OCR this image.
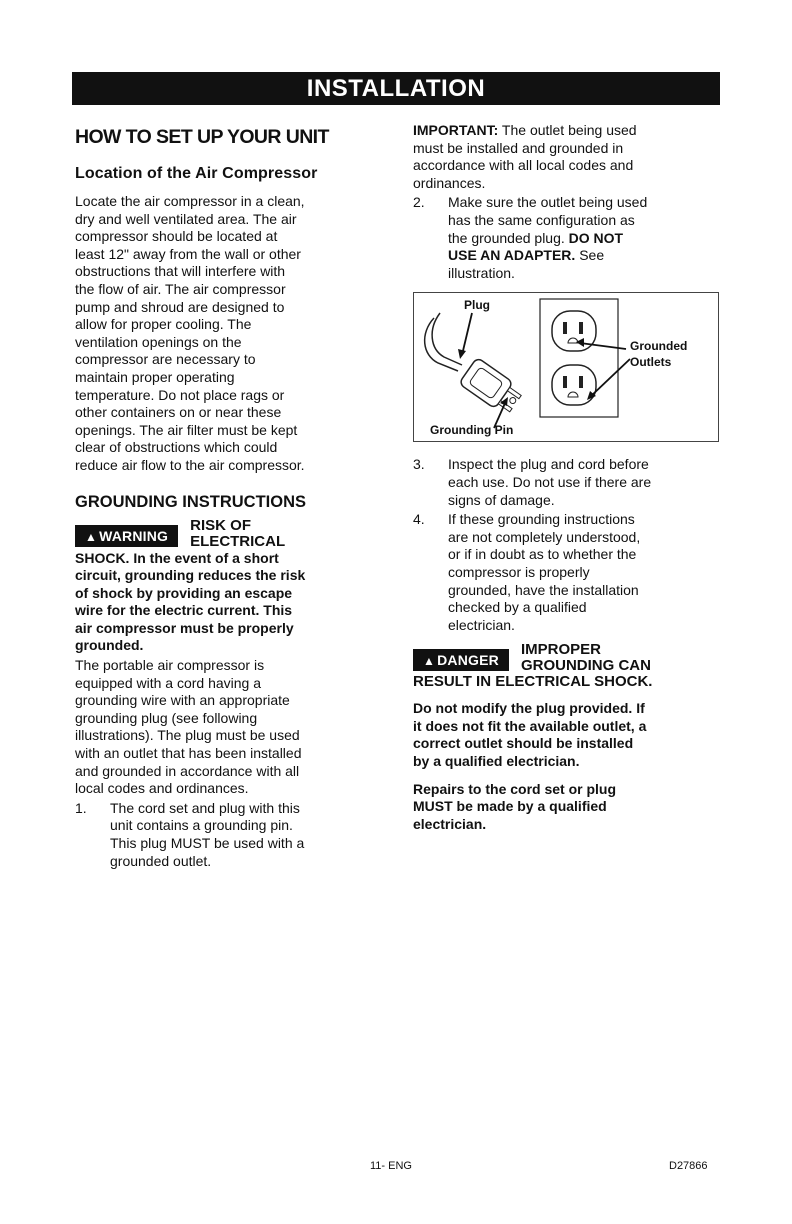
INSTALLATION
HOW TO SET UP YOUR UNIT
Location of the Air Compressor
Locate the air compressor in a clean,
dry and well ventilated area. The air
compressor should be located at
least 12" away from the wall or other
obstructions that will interfere with
the flow of air. The air compressor
pump and shroud are designed to
allow for proper cooling. The
ventilation openings on the
compressor are necessary to
maintain proper operating
temperature. Do not place rags or
other containers on or near these
openings. The air filter must be kept
clear of obstructions which could
reduce air flow to the air compressor.
GROUNDING INSTRUCTIONS
▲ WARNING
RISK OF
ELECTRICAL
SHOCK. In the event of a short
circuit, grounding reduces the risk
of shock by providing an escape
wire for the electric current. This
air compressor must be properly
grounded.
The portable air compressor is
equipped with a cord having a
grounding wire with an appropriate
grounding plug (see following
illustrations). The plug must be used
with an outlet that has been installed
and grounded in accordance with all
local codes and ordinances.
1.	The cord set and plug with this
unit contains a grounding pin.
This plug MUST be used with a
grounded outlet.
IMPORTANT: The outlet being used
must be installed and grounded in
accordance with all local codes and
ordinances.
2.	Make sure the outlet being used
has the same configuration as
the grounded plug. DO NOT
USE AN ADAPTER. See
illustration.
Plug
Grounded
Outlets
Grounding Pin
3.	Inspect the plug and cord before
each use. Do not use if there are
signs of damage.
4.	If these grounding instructions
are not completely understood,
or if in doubt as to whether the
compressor is properly
grounded, have the installation
checked by a qualified
electrician.
▲ DANGER
IMPROPER
GROUNDING CAN
RESULT IN ELECTRICAL SHOCK.
Do not modify the plug provided. If
it does not fit the available outlet, a
correct outlet should be installed
by a qualified electrician.
Repairs to the cord set or plug
MUST be made by a qualified
electrician.
11- ENG	D27866
